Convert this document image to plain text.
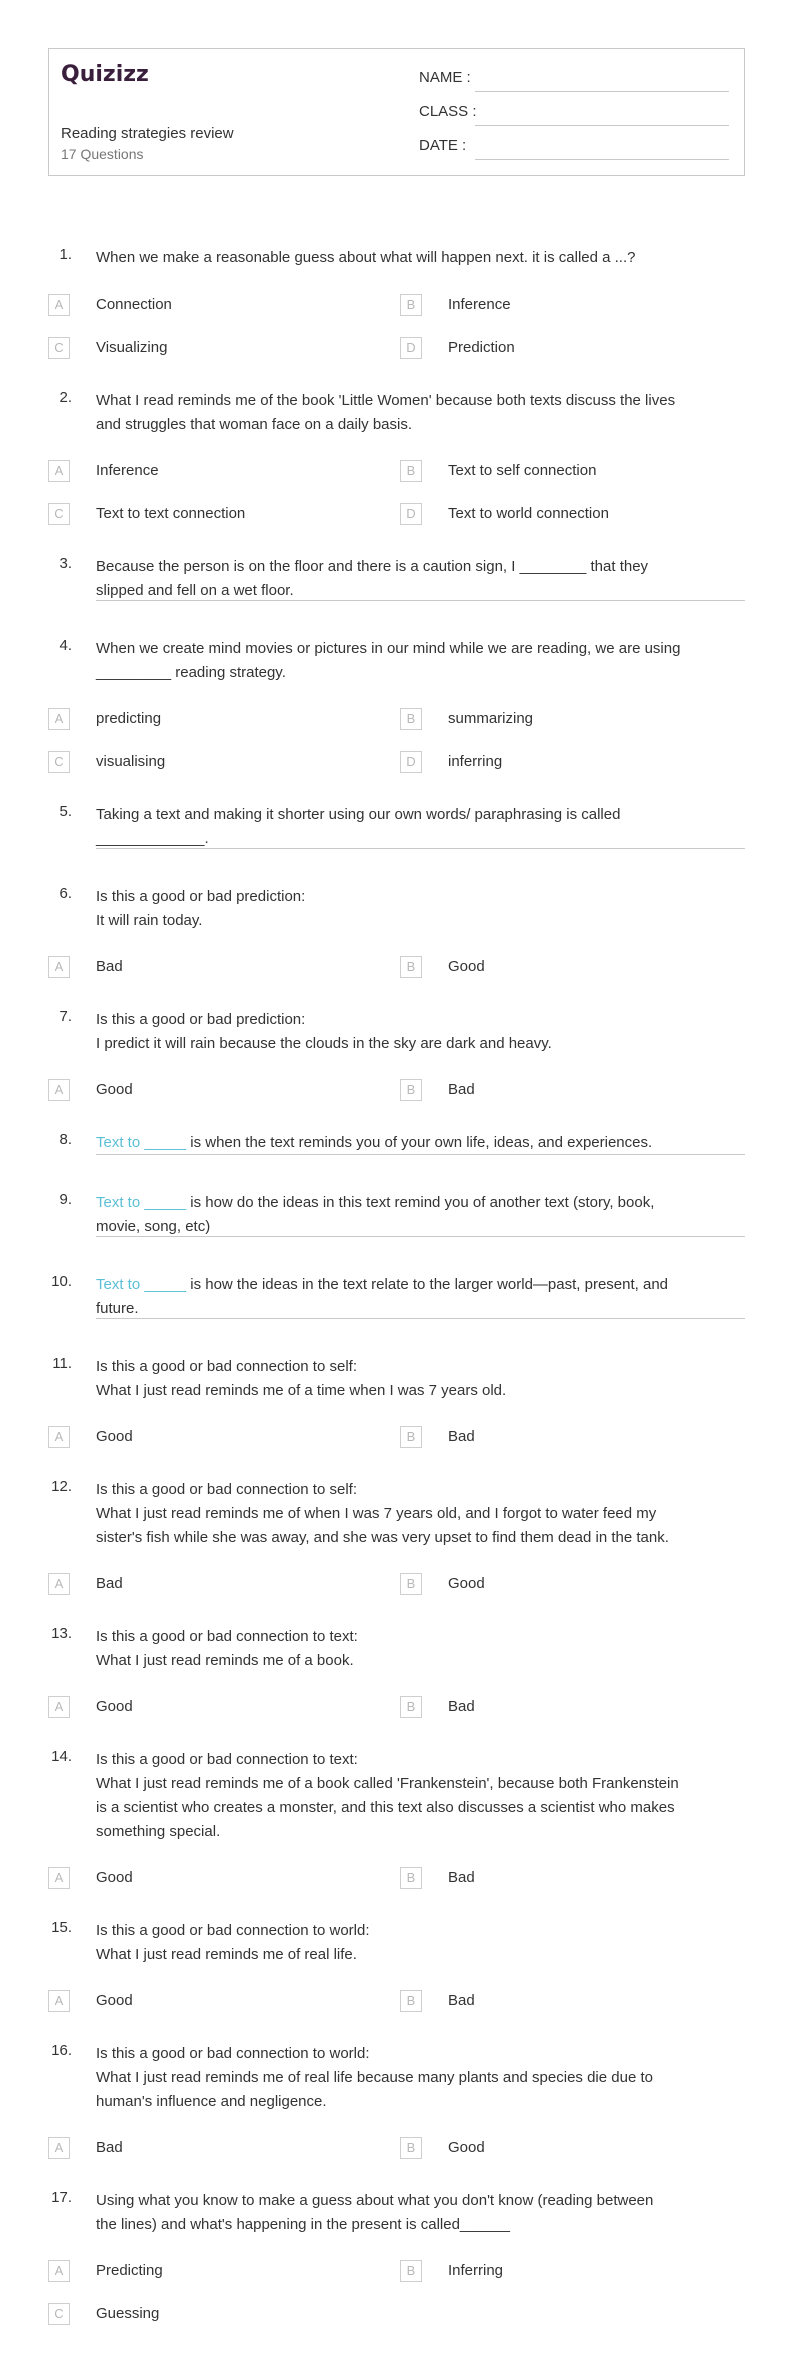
Quizizz
Reading strategies review
17 Questions
NAME :
CLASS :
DATE :
1. When we make a reasonable guess about what will happen next. it is called a ...?

A	Connection	B	Inference
C	Visualizing	D	Prediction
2. What I read reminds me of the book 'Little Women' because both texts discuss the lives

and struggles that woman face on a daily basis.

A	Inference	B	Text to self connection
C	Text to text connection	D	Text to world connection
3. Because the person is on the floor and there is a caution sign, I ________ that they

slipped and fell on a wet floor.

4. When we create mind movies or pictures in our mind while we are reading, we are using

_________ reading strategy.

A	predicting	B	summarizing
C	visualising	D	inferring
5. Taking a text and making it shorter using our own words/ paraphrasing is called

_____________.

6. Is this a good or bad prediction:

It will rain today.

A	Bad	B	Good
7. Is this a good or bad prediction:

I predict it will rain because the clouds in the sky are dark and heavy.

A	Good	B	Bad
8. Text to _____ is when the text reminds you of your own life, ideas, and experiences.

9. Text to _____ is how do the ideas in this text remind you of another text (story, book,

movie, song, etc)

10. Text to _____ is how the ideas in the text relate to the larger world—past, present, and

future.

11. Is this a good or bad connection to self:

What I just read reminds me of a time when I was 7 years old.

A	Good	B	Bad
12. Is this a good or bad connection to self:

What I just read reminds me of when I was 7 years old, and I forgot to water feed my

sister's fish while she was away, and she was very upset to find them dead in the tank.

A	Bad	B	Good
13. Is this a good or bad connection to text:

What I just read reminds me of a book.

A	Good	B	Bad
14. Is this a good or bad connection to text:

What I just read reminds me of a book called 'Frankenstein', because both Frankenstein

is a scientist who creates a monster, and this text also discusses a scientist who makes

something special.

A	Good	B	Bad
15. Is this a good or bad connection to world:

What I just read reminds me of real life.

A	Good	B	Bad
16. Is this a good or bad connection to world:

What I just read reminds me of real life because many plants and species die due to

human's influence and negligence.

A	Bad	B	Good
17. Using what you know to make a guess about what you don't know (reading between

the lines) and what's happening in the present is called______

A	Predicting	B	Inferring
C	Guessing
